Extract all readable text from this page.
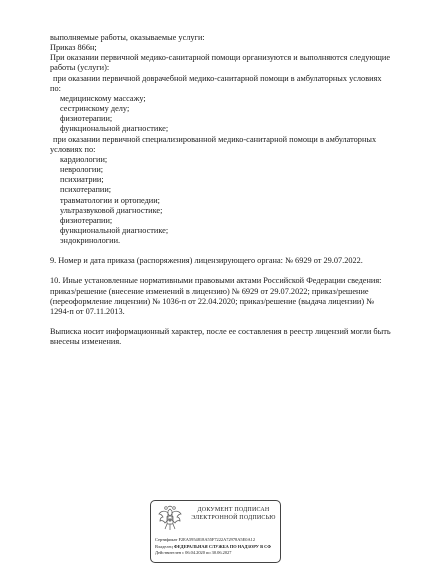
выполняемые работы, оказываемые услуги:
Приказ 866н;
При оказании первичной медико-санитарной помощи организуются и выполняются следующие
работы (услуги):
при оказании первичной доврачебной медико-санитарной помощи в амбулаторных условиях
по:
медицинскому массажу;
сестринскому делу;
физиотерапии;
функциональной диагностике;
при оказании первичной специализированной медико-санитарной помощи в амбулаторных
условиях по:
кардиологии;
неврологии;
психиатрии;
психотерапии;
травматологии и ортопедии;
ультразвуковой диагностике;
физиотерапии;
функциональной диагностике;
эндокринологии.
9. Номер и дата приказа (распоряжения) лицензирующего органа: № 6929 от 29.07.2022.
10. Иные установленные нормативными правовыми актами Российской Федерации сведения:
приказ/решение (внесение изменений в лицензию) № 6929 от 29.07.2022; приказ/решение
(переоформление лицензии) № 1036-п от 22.04.2020; приказ/решение (выдача лицензии) №
1294-п от 07.11.2013.
Выписка носит информационный характер, после ее составления в реестр лицензий могли быть
внесены изменения.
ДОКУМЕНТ ПОДПИСАН
ЭЛЕКТРОННОЙ ПОДПИСЬЮ
Сертификат F2EA5954818A55F7222A72978A5E0A12
Владелец ФЕДЕРАЛЬНАЯ СЛУЖБА ПО НАДЗОРУ В СФ
Действителен с 06.04.2020 по 30.06.2027
